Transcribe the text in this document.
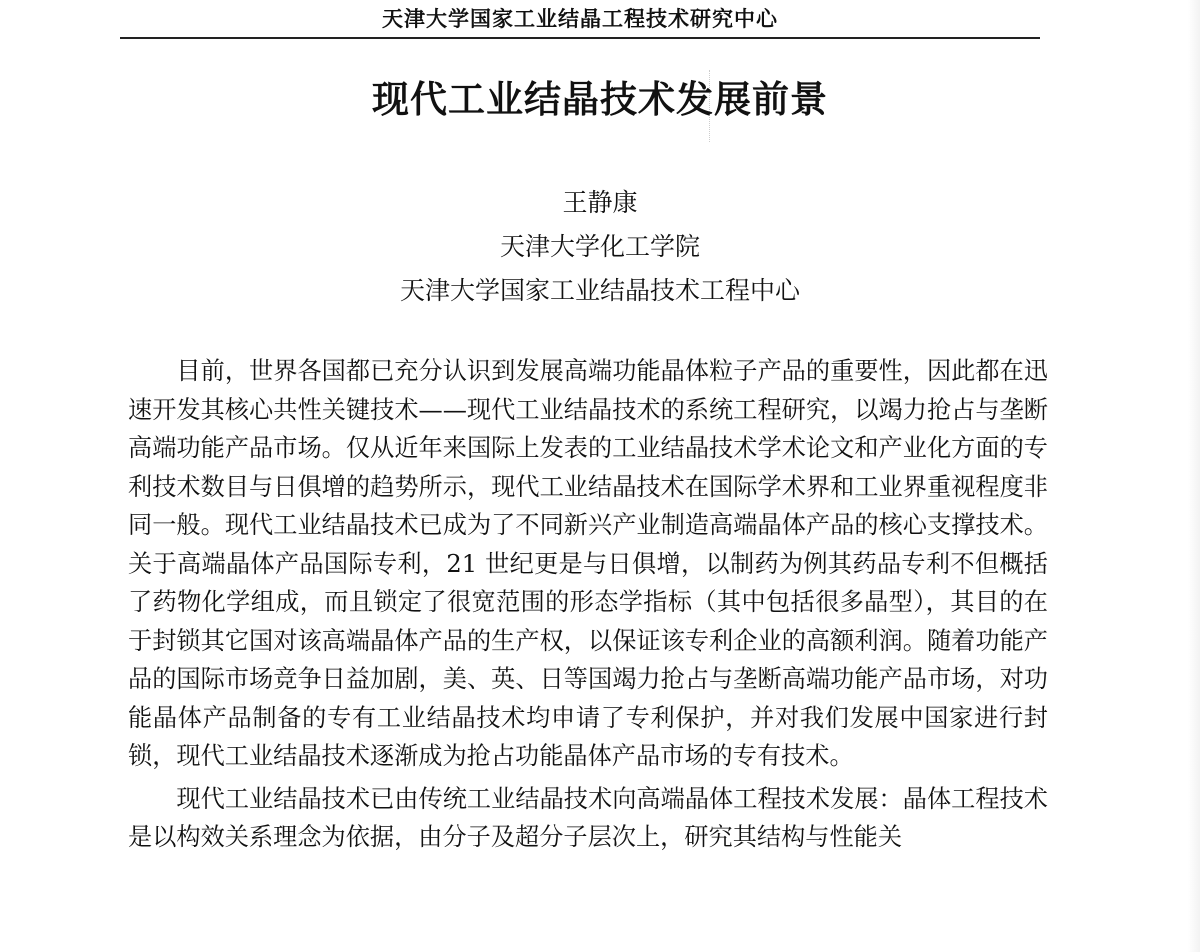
天津大学国家工业结晶工程技术研究中心
现代工业结晶技术发展前景
王静康
天津大学化工学院
天津大学国家工业结晶技术工程中心

目前，世界各国都已充分认识到发展高端功能晶体粒子产品的重要性，因此都在迅速开发其核心共性关键技术——现代工业结晶技术的系统工程研究，以竭力抢占与垄断高端功能产品市场。仅从近年来国际上发表的工业结晶技术学术论文和产业化方面的专利技术数目与日俱增的趋势所示，现代工业结晶技术在国际学术界和工业界重视程度非同一般。现代工业结晶技术已成为了不同新兴产业制造高端晶体产品的核心支撑技术。关于高端晶体产品国际专利，21 世纪更是与日俱增，以制药为例其药品专利不但概括了药物化学组成，而且锁定了很宽范围的形态学指标（其中包括很多晶型），其目的在于封锁其它国对该高端晶体产品的生产权，以保证该专利企业的高额利润。随着功能产品的国际市场竞争日益加剧，美、英、日等国竭力抢占与垄断高端功能产品市场，对功能晶体产品制备的专有工业结晶技术均申请了专利保护，并对我们发展中国家进行封锁，现代工业结晶技术逐渐成为抢占功能晶体产品市场的专有技术。

现代工业结晶技术已由传统工业结晶技术向高端晶体工程技术发展：晶体工程技术是以构效关系理念为依据，由分子及超分子层次上，研究其结构与性能关
